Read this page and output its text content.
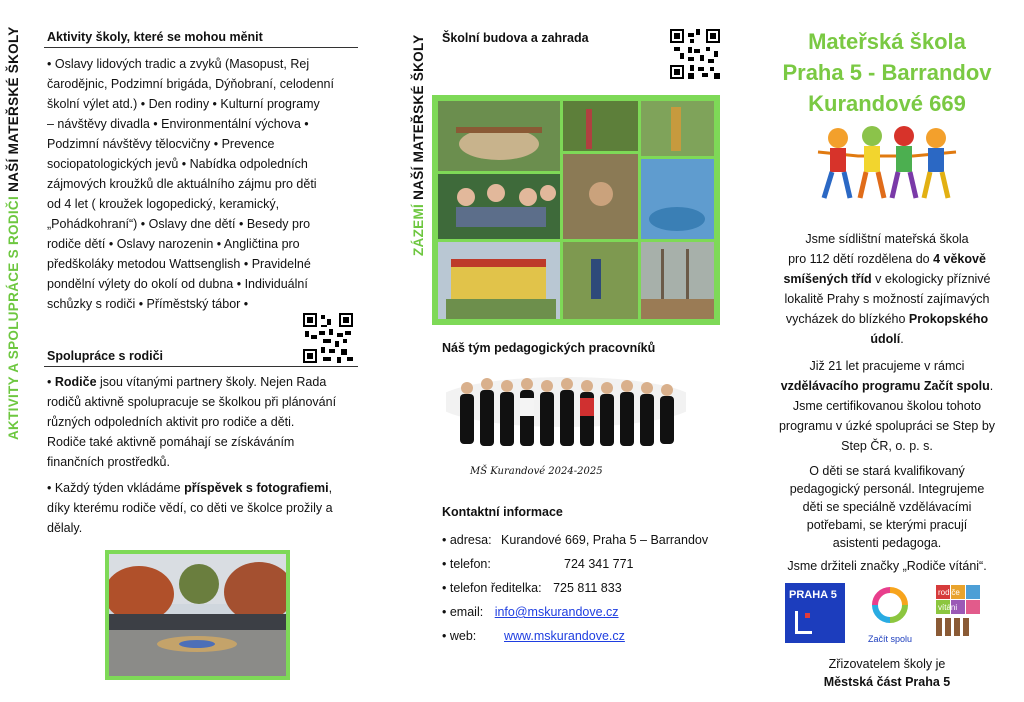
AKTIVITY A SPOLUPRÁCE S RODIČI NAŠÍ MATEŘSKÉ ŠKOLY Aktivity školy, které se mohou měnit
• Oslavy lidových tradic a zvyků (Masopust, Rej
čarodějnic, Podzimní brigáda, Dýňobraní, celodenní
školní výlet atd.) • Den rodiny • Kulturní programy
– návštěvy divadla • Environmentální výchova •
Podzimní návštěvy tělocvičny • Prevence
sociopatologických jevů • Nabídka odpoledních
zájmových kroužků dle aktuálního zájmu pro děti
od 4 let ( kroužek logopedický, keramický,
„Pohádkohraní“) • Oslavy dne dětí • Besedy pro
rodiče dětí • Oslavy narozenin • Angličtina pro
předškoláky metodou Wattsenglish • Pravidelné
pondělní výlety do okolí od dubna • Individuální
schůzky s rodiči • Příměstský tábor •
Spolupráce s rodiči
• Rodiče jsou vítanými partnery školy. Nejen Rada
rodičů aktivně spolupracuje se školkou při plánování
různých odpoledních aktivit pro rodiče a děti.
Rodiče také aktivně pomáhají se získáváním
finančních prostředků.
• Každý týden vkládáme příspěvek s fotografiemi,
díky kterému rodiče vědí, co děti ve školce prožily a
dělaly.
ZÁZEMÍ NAŠÍ MATEŘSKÉ ŠKOLY Školní budova a zahrada
Náš tým pedagogických pracovníků
MŠ Kurandové 2024-2025
Kontaktní informace
• adresa: Kurandové 669, Praha 5 – Barrandov
• telefon:	724 341 771
• telefon ředitelka: 725 811 833
• email: info@mskurandove.cz
• web: www.mskurandove.cz
Mateřská škola
Praha 5 - Barrandov
Kurandové 669
Jsme sídlištní mateřská škola
pro 112 dětí rozdělena do 4 věkově
smíšených tříd v ekologicky příznivé
lokalitě Prahy s možností zajímavých
vycházek do blízkého Prokopského
údolí.
Již 21 let pracujeme v rámci
vzdělávacího programu Začít spolu.
Jsme certifikovanou školou tohoto
programu v úzké spolupráci se Step by
Step ČR, o. p. s.
O děti se stará kvalifikovaný
pedagogický personál. Integrujeme
děti se speciálně vzdělávacími
potřebami, se kterými pracují
asistenti pedagoga.
Jsme držiteli značky „Rodiče vítáni“.
PRAHA 5
Začít spolu
rodiče
vítáni
Zřizovatelem školy je
Městská část Praha 5
